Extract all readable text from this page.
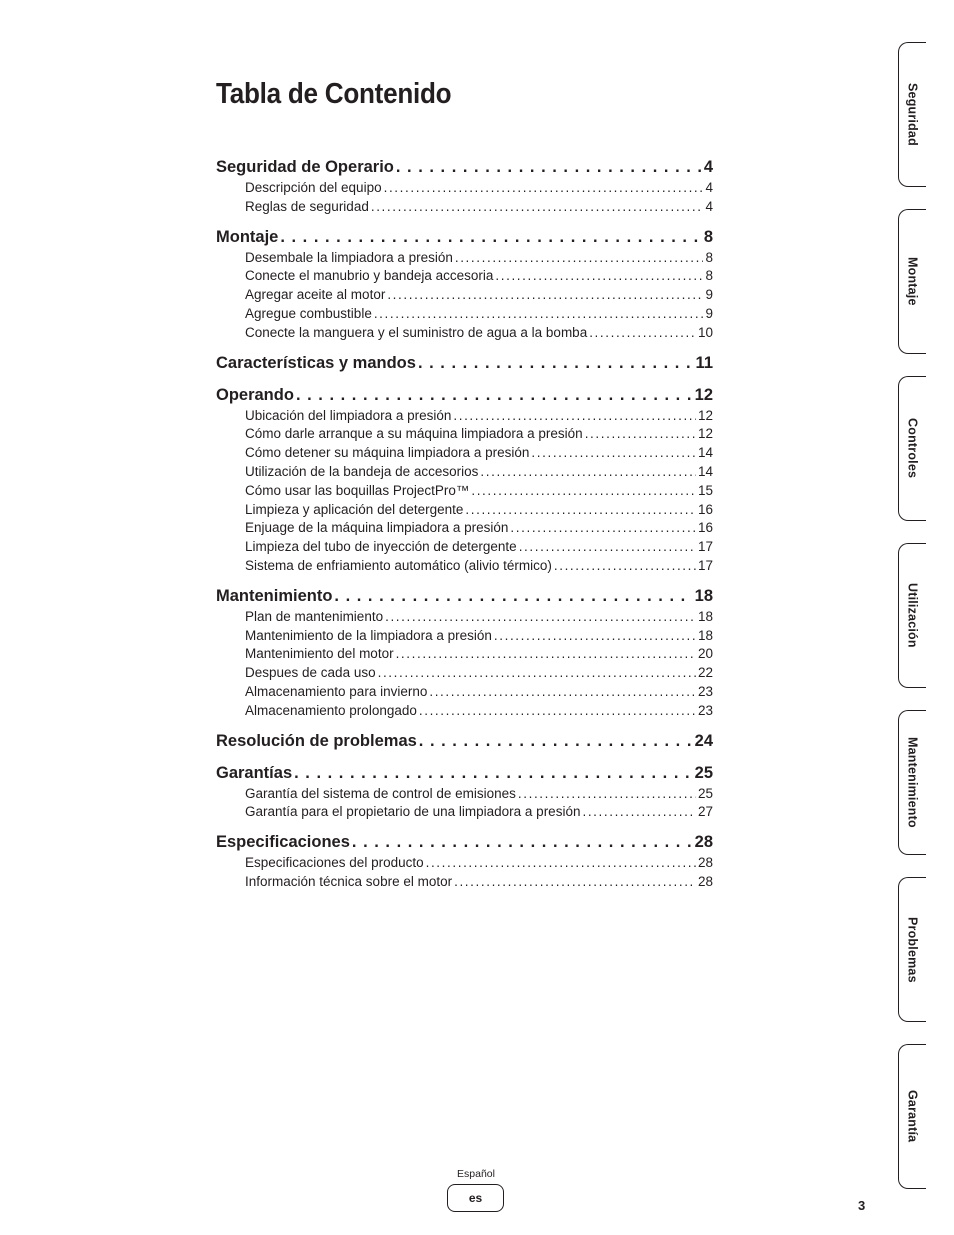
Tabla de Contenido
Seguridad de Operario . . .	4
Descripción del equipo .....	4
Reglas de seguridad .....	4
Montaje . . .	8
Desembale la limpiadora a presión .....	8
Conecte el manubrio y bandeja accesoria .....	8
Agregar aceite al motor .....	9
Agregue combustible .....	9
Conecte la manguera y el suministro de agua a la bomba .....	10
Características y mandos . . .	11
Operando . . .	12
Ubicación del limpiadora a presión .....	12
Cómo darle arranque a su máquina limpiadora a presión .....	12
Cómo detener su máquina limpiadora a presión .....	14
Utilización de la bandeja de accesorios .....	14
Cómo usar las boquillas ProjectPro™ .....	15
Limpieza y aplicación del detergente .....	16
Enjuage de la máquina limpiadora a presión .....	16
Limpieza del tubo de inyección de detergente .....	17
Sistema de enfriamiento automático (alivio térmico) .....	17
Mantenimiento . . .	18
Plan de mantenimiento .....	18
Mantenimiento de la limpiadora a presión .....	18
Mantenimiento del motor .....	20
Despues de cada uso .....	22
Almacenamiento para invierno .....	23
Almacenamiento prolongado .....	23
Resolución de problemas . . .	24
Garantías . . .	25
Garantía del sistema de control de emisiones .....	25
Garantía para el propietario de una limpiadora a presión .....	27
Especificaciones . . .	28
Especificaciones del producto .....	28
Información técnica sobre el motor .....	28
Seguridad
Montaje
Controles
Utilización
Mantenimiento
Problemas
Garantía
Español
es	3
